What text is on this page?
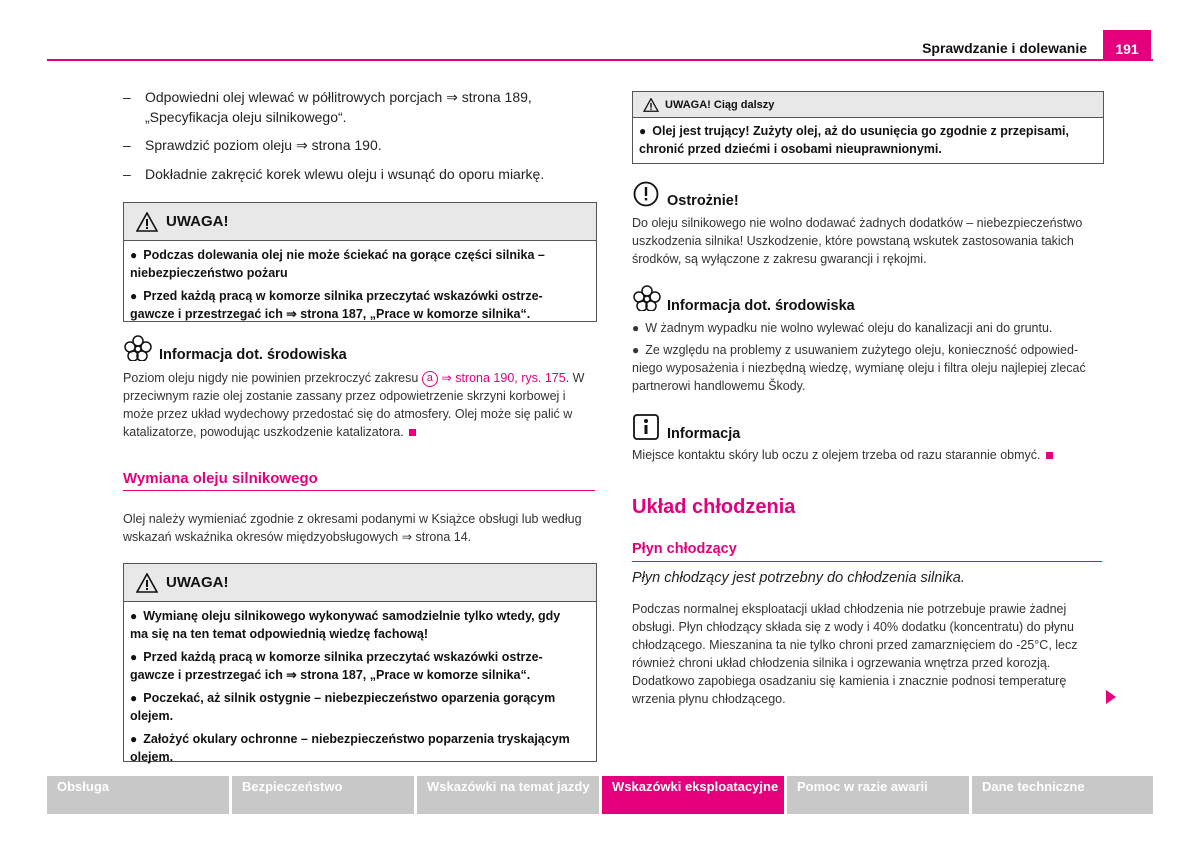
Sprawdzanie i dolewanie	191
– Odpowiedni olej wlewać w półlitrowych porcjach ⇒ strona 189,
„Specyfikacja oleju silnikowego“.
– Sprawdzić poziom oleju ⇒ strona 190.
– Dokładnie zakręcić korek wlewu oleju i wsunąć do oporu miarkę.
UWAGA!
● Podczas dolewania olej nie może ściekać na gorące części silnika –
niebezpieczeństwo pożaru
● Przed każdą pracą w komorze silnika przeczytać wskazówki ostrze-
gawcze i przestrzegać ich ⇒ strona 187, „Prace w komorze silnika“.
Informacja dot. środowiska
Poziom oleju nigdy nie powinien przekroczyć zakresu a ⇒ strona 190, rys. 175. W
przeciwnym razie olej zostanie zassany przez odpowietrzenie skrzyni korbowej i
może przez układ wydechowy przedostać się do atmosfery. Olej może się palić w
katalizatorze, powodując uszkodzenie katalizatora.
Wymiana oleju silnikowego
Olej należy wymieniać zgodnie z okresami podanymi w Książce obsługi lub według
wskazań wskaźnika okresów międzyobsługowych ⇒ strona 14.
UWAGA!
● Wymianę oleju silnikowego wykonywać samodzielnie tylko wtedy, gdy
ma się na ten temat odpowiednią wiedzę fachową!
● Przed każdą pracą w komorze silnika przeczytać wskazówki ostrze-
gawcze i przestrzegać ich ⇒ strona 187, „Prace w komorze silnika“.
● Poczekać, aż silnik ostygnie – niebezpieczeństwo oparzenia gorącym
olejem.
● Założyć okulary ochronne – niebezpieczeństwo poparzenia tryskającym
olejem.
UWAGA! Ciąg dalszy
● Olej jest trujący! Zużyty olej, aż do usunięcia go zgodnie z przepisami,
chronić przed dziećmi i osobami nieuprawnionymi.
Ostrożnie!
Do oleju silnikowego nie wolno dodawać żadnych dodatków – niebezpieczeństwo
uszkodzenia silnika! Uszkodzenie, które powstaną wskutek zastosowania takich
środków, są wyłączone z zakresu gwarancji i rękojmi.
Informacja dot. środowiska
● W żadnym wypadku nie wolno wylewać oleju do kanalizacji ani do gruntu.
● Ze względu na problemy z usuwaniem zużytego oleju, konieczność odpowied-
niego wyposażenia i niezbędną wiedzę, wymianę oleju i filtra oleju najlepiej zlecać
partnerowi handlowemu Škody.
Informacja
Miejsce kontaktu skóry lub oczu z olejem trzeba od razu starannie obmyć.
Układ chłodzenia
Płyn chłodzący
Płyn chłodzący jest potrzebny do chłodzenia silnika.
Podczas normalnej eksploatacji układ chłodzenia nie potrzebuje prawie żadnej
obsługi. Płyn chłodzący składa się z wody i 40% dodatku (koncentratu) do płynu
chłodzącego. Mieszanina ta nie tylko chroni przed zamarznięciem do -25°C, lecz
również chroni układ chłodzenia silnika i ogrzewania wnętrza przed korozją.
Dodatkowo zapobiega osadzaniu się kamienia i znacznie podnosi temperaturę
wrzenia płynu chłodzącego.
Obsługa	Bezpieczeństwo	Wskazówki na temat jazdy	Wskazówki eksploatacyjne	Pomoc w razie awarii	Dane techniczne
